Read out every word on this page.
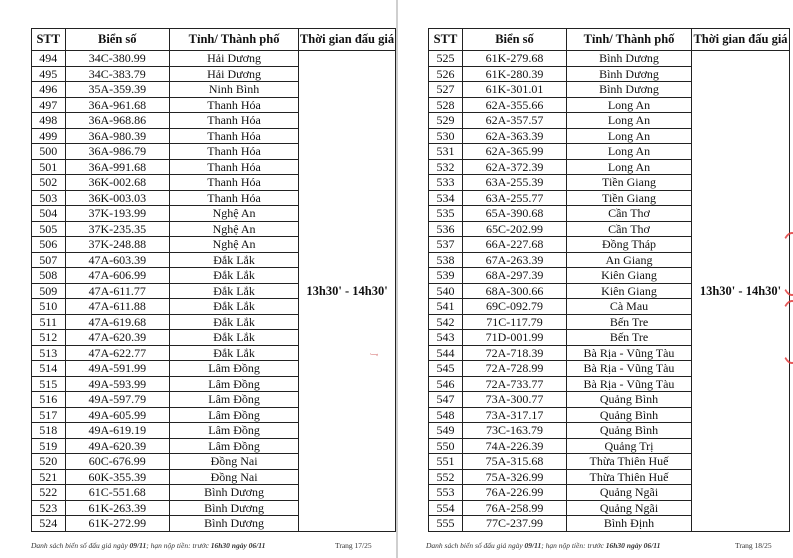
STT	Biển số	Tỉnh/ Thành phố	Thời gian đấu giá
494	34C-380.99	Hải Dương	13h30' - 14h30'
495	34C-383.79	Hải Dương	
496	35A-359.39	Ninh Bình	
497	36A-961.68	Thanh Hóa	
498	36A-968.86	Thanh Hóa	
499	36A-980.39	Thanh Hóa	
500	36A-986.79	Thanh Hóa	
501	36A-991.68	Thanh Hóa	
502	36K-002.68	Thanh Hóa	
503	36K-003.03	Thanh Hóa	
504	37K-193.99	Nghệ An	
505	37K-235.35	Nghệ An	
506	37K-248.88	Nghệ An	
507	47A-603.39	Đắk Lắk	
508	47A-606.99	Đắk Lắk	
509	47A-611.77	Đắk Lắk	
510	47A-611.88	Đắk Lắk	
511	47A-619.68	Đắk Lắk	
512	47A-620.39	Đắk Lắk	
513	47A-622.77	Đắk Lắk	
514	49A-591.99	Lâm Đồng	
515	49A-593.99	Lâm Đồng	
516	49A-597.79	Lâm Đồng	
517	49A-605.99	Lâm Đồng	
518	49A-619.19	Lâm Đồng	
519	49A-620.39	Lâm Đồng	
520	60C-676.99	Đồng Nai	
521	60K-355.39	Đồng Nai	
522	61C-551.68	Bình Dương	
523	61K-263.39	Bình Dương	
524	61K-272.99	Bình Dương	
Danh sách biển số đấu giá ngày 09/11; hạn nộp tiền: trước 16h30 ngày 06/11	Trang 17/25
ʆ
STT	Biển số	Tỉnh/ Thành phố	Thời gian đấu giá
525	61K-279.68	Bình Dương	13h30' - 14h30'
526	61K-280.39	Bình Dương	
527	61K-301.01	Bình Dương	
528	62A-355.66	Long An	
529	62A-357.57	Long An	
530	62A-363.39	Long An	
531	62A-365.99	Long An	
532	62A-372.39	Long An	
533	63A-255.39	Tiền Giang	
534	63A-255.77	Tiền Giang	
535	65A-390.68	Cần Thơ	
536	65C-202.99	Cần Thơ	
537	66A-227.68	Đồng Tháp	
538	67A-263.39	An Giang	
539	68A-297.39	Kiên Giang	
540	68A-300.66	Kiên Giang	
541	69C-092.79	Cà Mau	
542	71C-117.79	Bến Tre	
543	71D-001.99	Bến Tre	
544	72A-718.39	Bà Rịa - Vũng Tàu	
545	72A-728.99	Bà Rịa - Vũng Tàu	
546	72A-733.77	Bà Rịa - Vũng Tàu	
547	73A-300.77	Quảng Bình	
548	73A-317.17	Quảng Bình	
549	73C-163.79	Quảng Bình	
550	74A-226.39	Quảng Trị	
551	75A-315.68	Thừa Thiên Huế	
552	75A-326.99	Thừa Thiên Huế	
553	76A-226.99	Quảng Ngãi	
554	76A-258.99	Quảng Ngãi	
555	77C-237.99	Bình Định	
Danh sách biển số đấu giá ngày 09/11; hạn nộp tiền: trước 16h30 ngày 06/11	Trang 18/25
